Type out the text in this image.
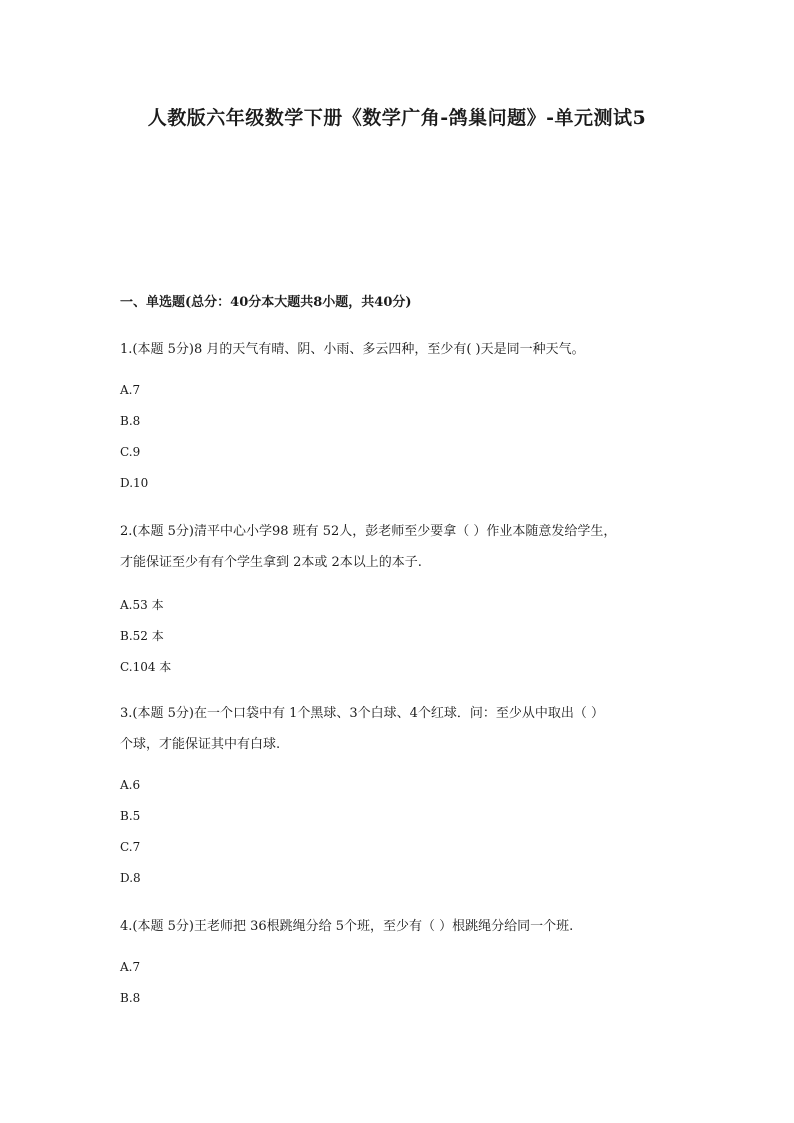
人教版六年级数学下册《数学广角-鸽巢问题》-单元测试5
一、单选题(总分：40分本大题共8小题，共40分)
1.(本题 5分)8 月的天气有晴、阴、小雨、多云四种，至少有( )天是同一种天气。
A.7
B.8
C.9
D.10
2.(本题 5分)清平中心小学98 班有 52人，彭老师至少要拿（ ）作业本随意发给学生，
才能保证至少有有个学生拿到 2本或 2本以上的本子.
A.53 本
B.52 本
C.104 本
3.(本题 5分)在一个口袋中有 1个黑球、3个白球、4个红球．问：至少从中取出（ ）
个球，才能保证其中有白球.
A.6
B.5
C.7
D.8
4.(本题 5分)王老师把 36根跳绳分给 5个班，至少有（ ）根跳绳分给同一个班.
A.7
B.8
